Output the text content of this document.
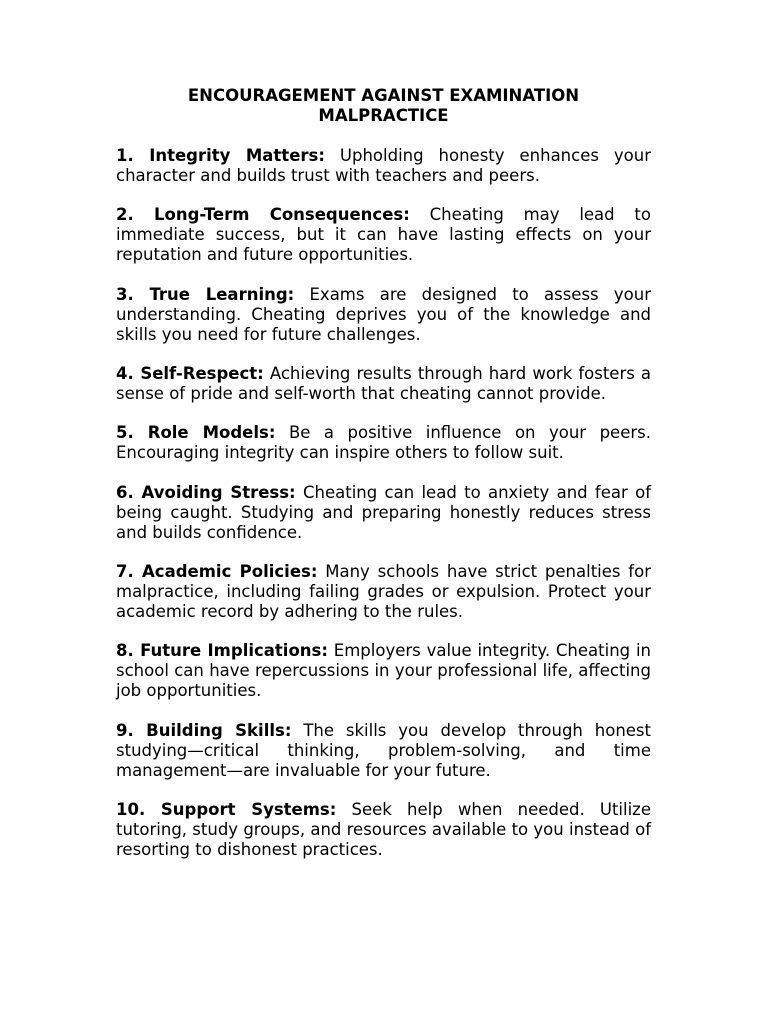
ENCOURAGEMENT AGAINST EXAMINATION
MALPRACTICE

1. Integrity Matters: Upholding honesty enhances your character and builds trust with teachers and peers.

2. Long-Term Consequences: Cheating may lead to immediate success, but it can have lasting effects on your reputation and future opportunities.

3. True Learning: Exams are designed to assess your understanding. Cheating deprives you of the knowledge and skills you need for future challenges.

4. Self-Respect: Achieving results through hard work fosters a sense of pride and self-worth that cheating cannot provide.

5. Role Models: Be a positive influence on your peers. Encouraging integrity can inspire others to follow suit.

6. Avoiding Stress: Cheating can lead to anxiety and fear of being caught. Studying and preparing honestly reduces stress and builds confidence.

7. Academic Policies: Many schools have strict penalties for malpractice, including failing grades or expulsion. Protect your academic record by adhering to the rules.

8. Future Implications: Employers value integrity. Cheating in school can have repercussions in your professional life, affecting job opportunities.

9. Building Skills: The skills you develop through honest studying—critical thinking, problem-solving, and time management—are invaluable for your future.

10. Support Systems: Seek help when needed. Utilize tutoring, study groups, and resources available to you instead of resorting to dishonest practices.
